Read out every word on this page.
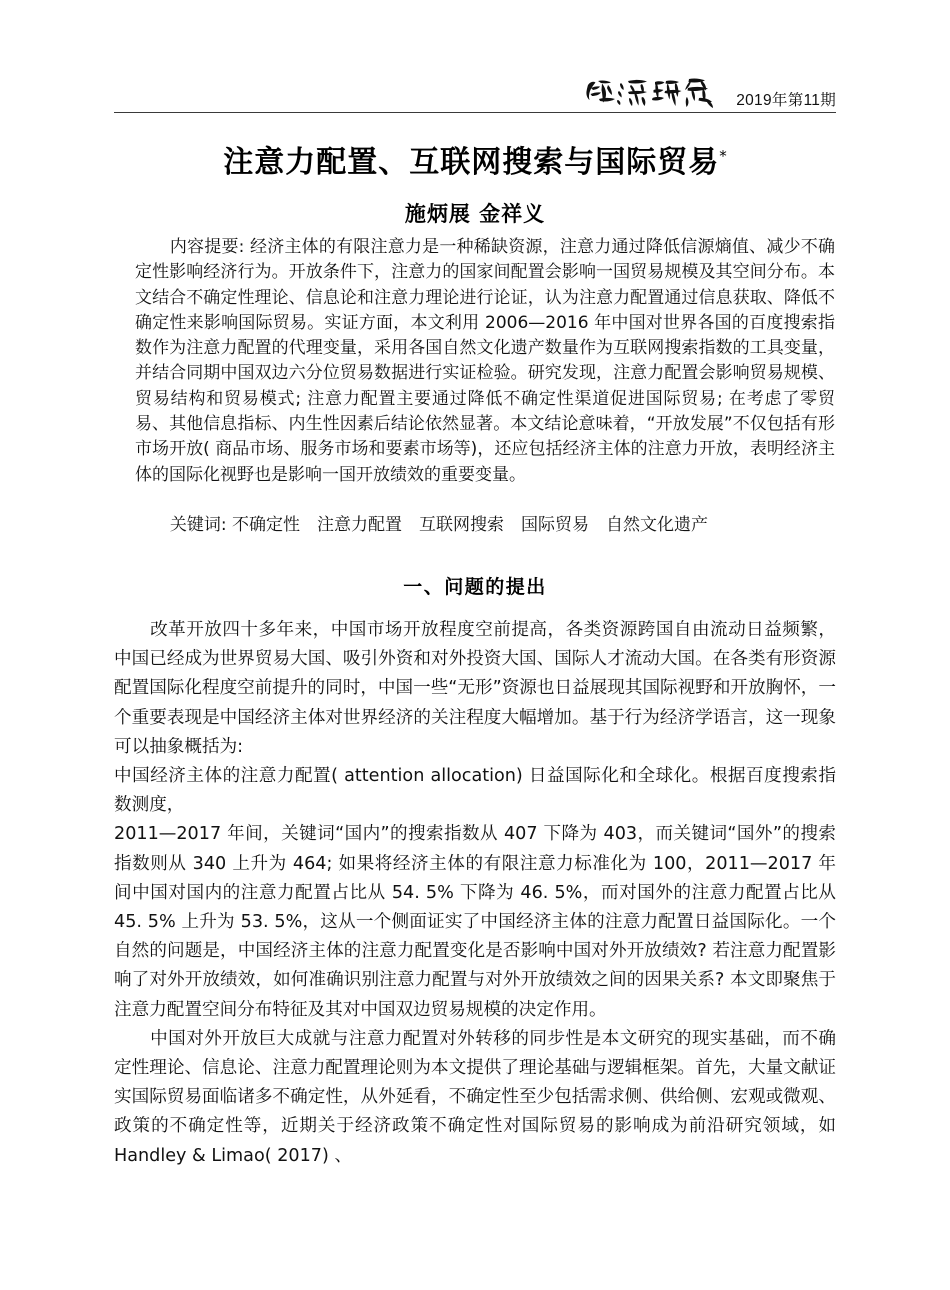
2019年第11期
注意力配置、互联网搜索与国际贸易*
施炳展 金祥义

内容提要: 经济主体的有限注意力是一种稀缺资源，注意力通过降低信源熵值、减少不确定性影响经济行为。开放条件下，注意力的国家间配置会影响一国贸易规模及其空间分布。本文结合不确定性理论、信息论和注意力理论进行论证，认为注意力配置通过信息获取、降低不确定性来影响国际贸易。实证方面，本文利用 2006—2016 年中国对世界各国的百度搜索指数作为注意力配置的代理变量，采用各国自然文化遗产数量作为互联网搜索指数的工具变量，并结合同期中国双边六分位贸易数据进行实证检验。研究发现，注意力配置会影响贸易规模、贸易结构和贸易模式; 注意力配置主要通过降低不确定性渠道促进国际贸易; 在考虑了零贸易、其他信息指标、内生性因素后结论依然显著。本文结论意味着，“开放发展”不仅包括有形市场开放( 商品市场、服务市场和要素市场等)，还应包括经济主体的注意力开放，表明经济主体的国际化视野也是影响一国开放绩效的重要变量。

关键词: 不确定性　注意力配置　互联网搜索　国际贸易　自然文化遗产
一、问题的提出

改革开放四十多年来，中国市场开放程度空前提高，各类资源跨国自由流动日益频繁，中国已经成为世界贸易大国、吸引外资和对外投资大国、国际人才流动大国。在各类有形资源配置国际化程度空前提升的同时，中国一些“无形”资源也日益展现其国际视野和开放胸怀，一个重要表现是中国经济主体对世界经济的关注程度大幅增加。基于行为经济学语言，这一现象可以抽象概括为:

中国经济主体的注意力配置( attention allocation) 日益国际化和全球化。根据百度搜索指数测度，

2011—2017 年间，关键词“国内”的搜索指数从 407 下降为 403，而关键词“国外”的搜索指数则从 340 上升为 464; 如果将经济主体的有限注意力标准化为 100，2011—2017 年间中国对国内的注意力配置占比从 54. 5% 下降为 46. 5%，而对国外的注意力配置占比从 45. 5% 上升为 53. 5%，这从一个侧面证实了中国经济主体的注意力配置日益国际化。一个自然的问题是，中国经济主体的注意力配置变化是否影响中国对外开放绩效? 若注意力配置影响了对外开放绩效，如何准确识别注意力配置与对外开放绩效之间的因果关系? 本文即聚焦于注意力配置空间分布特征及其对中国双边贸易规模的决定作用。

中国对外开放巨大成就与注意力配置对外转移的同步性是本文研究的现实基础，而不确定性理论、信息论、注意力配置理论则为本文提供了理论基础与逻辑框架。首先，大量文献证实国际贸易面临诸多不确定性，从外延看，不确定性至少包括需求侧、供给侧、宏观或微观、政策的不确定性等，近期关于经济政策不确定性对国际贸易的影响成为前沿研究领域，如 Handley & Limao( 2017) 、
